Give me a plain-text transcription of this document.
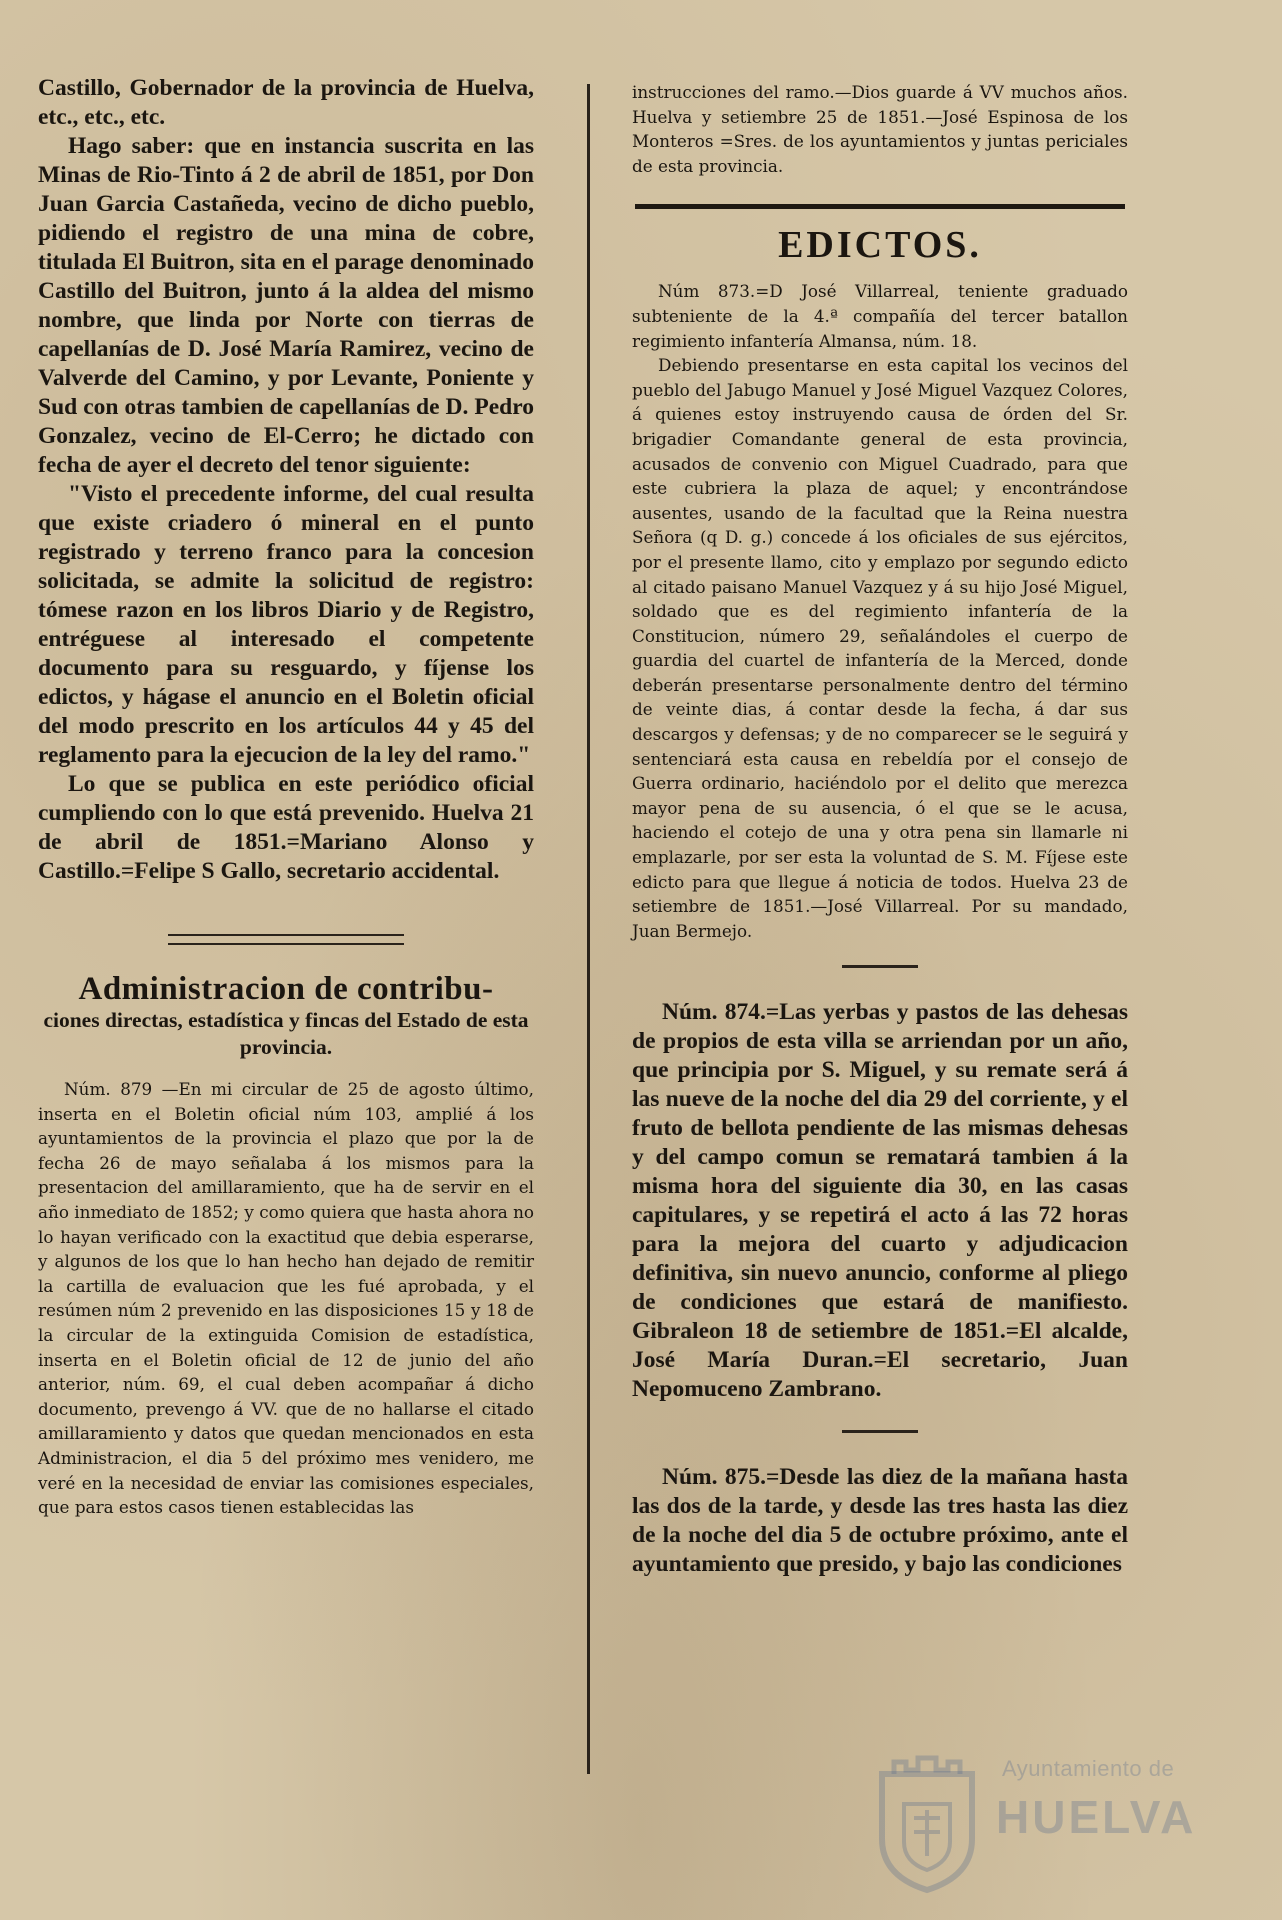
Castillo, Gobernador de la provincia de Huelva, etc., etc., etc.

Hago saber: que en instancia suscrita en las Minas de Rio-Tinto á 2 de abril de 1851, por Don Juan Garcia Castañeda, vecino de dicho pueblo, pidiendo el registro de una mina de cobre, titulada El Buitron, sita en el parage denominado Castillo del Buitron, junto á la aldea del mismo nombre, que linda por Norte con tierras de capellanías de D. José María Ramirez, vecino de Valverde del Camino, y por Levante, Poniente y Sud con otras tambien de capellanías de D. Pedro Gonzalez, vecino de El-Cerro; he dictado con fecha de ayer el decreto del tenor siguiente:

"Visto el precedente informe, del cual resulta que existe criadero ó mineral en el punto registrado y terreno franco para la concesion solicitada, se admite la solicitud de registro: tómese razon en los libros Diario y de Registro, entréguese al interesado el competente documento para su resguardo, y fíjense los edictos, y hágase el anuncio en el Boletin oficial del modo prescrito en los artículos 44 y 45 del reglamento para la ejecucion de la ley del ramo."

Lo que se publica en este periódico oficial cumpliendo con lo que está prevenido. Huelva 21 de abril de 1851.=Mariano Alonso y Castillo.=Felipe S Gallo, secretario accidental.

Administracion de contribu-

ciones directas, estadística y fincas del Estado de esta provincia.

Núm. 879 —En mi circular de 25 de agosto último, inserta en el Boletin oficial núm 103, amplié á los ayuntamientos de la provincia el plazo que por la de fecha 26 de mayo señalaba á los mismos para la presentacion del amillaramiento, que ha de servir en el año inmediato de 1852; y como quiera que hasta ahora no lo hayan verificado con la exactitud que debia esperarse, y algunos de los que lo han hecho han dejado de remitir la cartilla de evaluacion que les fué aprobada, y el resúmen núm 2 prevenido en las disposiciones 15 y 18 de la circular de la extinguida Comision de estadística, inserta en el Boletin oficial de 12 de junio del año anterior, núm. 69, el cual deben acompañar á dicho documento, prevengo á VV. que de no hallarse el citado amillaramiento y datos que quedan mencionados en esta Administracion, el dia 5 del próximo mes venidero, me veré en la necesidad de enviar las comisiones especiales, que para estos casos tienen establecidas las

instrucciones del ramo.—Dios guarde á VV muchos años. Huelva y setiembre 25 de 1851.—José Espinosa de los Monteros =Sres. de los ayuntamientos y juntas periciales de esta provincia.

EDICTOS.

Núm 873.=D José Villarreal, teniente graduado subteniente de la 4.ª compañía del tercer batallon regimiento infantería Almansa, núm. 18.

Debiendo presentarse en esta capital los vecinos del pueblo del Jabugo Manuel y José Miguel Vazquez Colores, á quienes estoy instruyendo causa de órden del Sr. brigadier Comandante general de esta provincia, acusados de convenio con Miguel Cuadrado, para que este cubriera la plaza de aquel; y encontrándose ausentes, usando de la facultad que la Reina nuestra Señora (q D. g.) concede á los oficiales de sus ejércitos, por el presente llamo, cito y emplazo por segundo edicto al citado paisano Manuel Vazquez y á su hijo José Miguel, soldado que es del regimiento infantería de la Constitucion, número 29, señalándoles el cuerpo de guardia del cuartel de infantería de la Merced, donde deberán presentarse personalmente dentro del término de veinte dias, á contar desde la fecha, á dar sus descargos y defensas; y de no comparecer se le seguirá y sentenciará esta causa en rebeldía por el consejo de Guerra ordinario, haciéndolo por el delito que merezca mayor pena de su ausencia, ó el que se le acusa, haciendo el cotejo de una y otra pena sin llamarle ni emplazarle, por ser esta la voluntad de S. M. Fíjese este edicto para que llegue á noticia de todos. Huelva 23 de setiembre de 1851.—José Villarreal. Por su mandado, Juan Bermejo.

Núm. 874.=Las yerbas y pastos de las dehesas de propios de esta villa se arriendan por un año, que principia por S. Miguel, y su remate será á las nueve de la noche del dia 29 del corriente, y el fruto de bellota pendiente de las mismas dehesas y del campo comun se rematará tambien á la misma hora del siguiente dia 30, en las casas capitulares, y se repetirá el acto á las 72 horas para la mejora del cuarto y adjudicacion definitiva, sin nuevo anuncio, conforme al pliego de condiciones que estará de manifiesto. Gibraleon 18 de setiembre de 1851.=El alcalde, José María Duran.=El secretario, Juan Nepomuceno Zambrano.

Núm. 875.=Desde las diez de la mañana hasta las dos de la tarde, y desde las tres hasta las diez de la noche del dia 5 de octubre próximo, ante el ayuntamiento que presido, y bajo las condiciones

Ayuntamiento de
HUELVA
